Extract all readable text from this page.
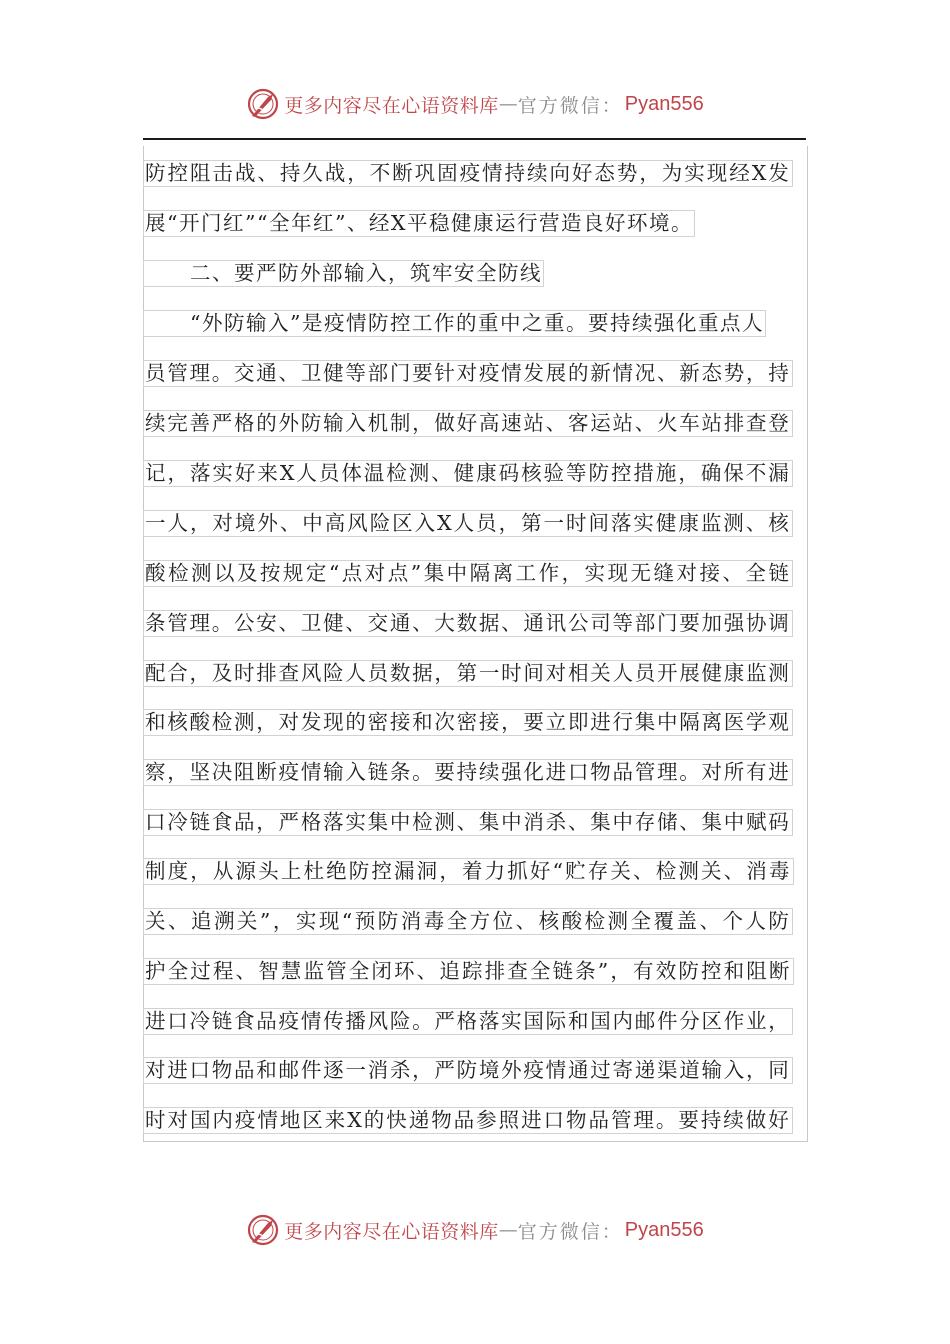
更多内容尽在心语资料库 — 官方微信： Pyan556
防控阻击战、持久战，不断巩固疫情持续向好态势，为实现经X发
展“开门红”“全年红”、经X平稳健康运行营造良好环境。
二、要严防外部输入，筑牢安全防线
“外防输入”是疫情防控工作的重中之重。要持续强化重点人
员管理。交通、卫健等部门要针对疫情发展的新情况、新态势，持
续完善严格的外防输入机制，做好高速站、客运站、火车站排查登
记，落实好来X人员体温检测、健康码核验等防控措施，确保不漏
一人，对境外、中高风险区入X人员，第一时间落实健康监测、核
酸检测以及按规定“点对点”集中隔离工作，实现无缝对接、全链
条管理。公安、卫健、交通、大数据、通讯公司等部门要加强协调
配合，及时排查风险人员数据，第一时间对相关人员开展健康监测
和核酸检测，对发现的密接和次密接，要立即进行集中隔离医学观
察，坚决阻断疫情输入链条。要持续强化进口物品管理。对所有进
口冷链食品，严格落实集中检测、集中消杀、集中存储、集中赋码
制度，从源头上杜绝防控漏洞，着力抓好“贮存关、检测关、消毒
关、追溯关”，实现“预防消毒全方位、核酸检测全覆盖、个人防
护全过程、智慧监管全闭环、追踪排查全链条”，有效防控和阻断
进口冷链食品疫情传播风险。严格落实国际和国内邮件分区作业，
对进口物品和邮件逐一消杀，严防境外疫情通过寄递渠道输入，同
时对国内疫情地区来X的快递物品参照进口物品管理。要持续做好
更多内容尽在心语资料库 — 官方微信： Pyan556
